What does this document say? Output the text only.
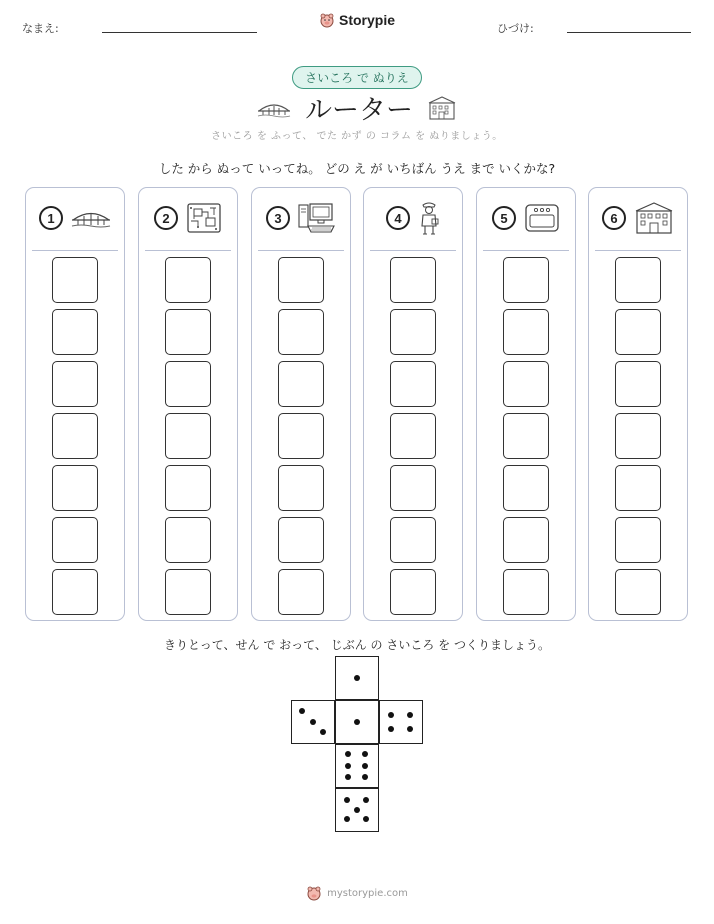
なまえ:
Storypie
ひづけ:
さいころ で ぬりえ
ルーター
さいころ を ふって、 でた かず の コラム を ぬりましょう。
した から ぬって いってね。 どの え が いちばん うえ まで いくかな?
1	2	3	4	5	6
きりとって、せん で おって、 じぶん の さいころ を つくりましょう。
mystorypie.com
